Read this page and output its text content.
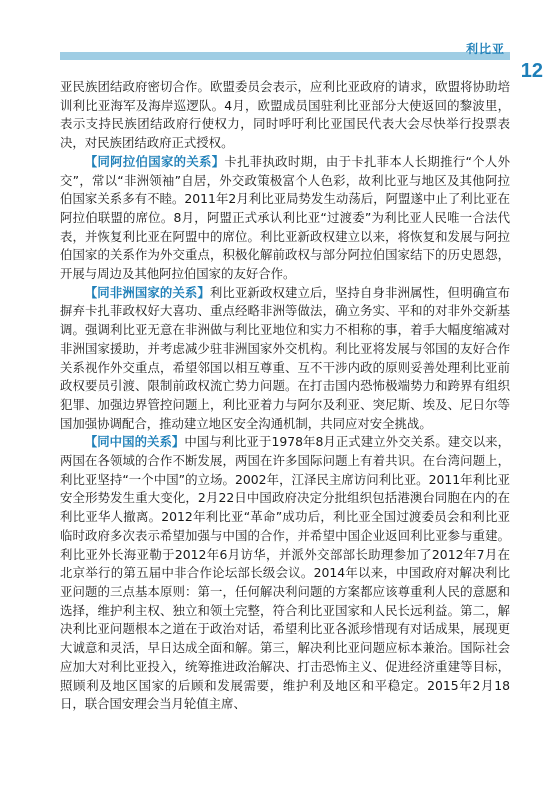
利比亚
12

亚民族团结政府密切合作。欧盟委员会表示，应利比亚政府的请求，欧盟将协助培训利比亚海军及海岸巡逻队。4月，欧盟成员国驻利比亚部分大使返回的黎波里，表示支持民族团结政府行使权力，同时呼吁利比亚国民代表大会尽快举行投票表决，对民族团结政府正式授权。

【同阿拉伯国家的关系】卡扎菲执政时期，由于卡扎菲本人长期推行“个人外交”，常以“非洲领袖”自居，外交政策极富个人色彩，故利比亚与地区及其他阿拉伯国家关系多有不睦。2011年2月利比亚局势发生动荡后，阿盟遂中止了利比亚在阿拉伯联盟的席位。8月，阿盟正式承认利比亚“过渡委”为利比亚人民唯一合法代表，并恢复利比亚在阿盟中的席位。利比亚新政权建立以来，将恢复和发展与阿拉伯国家的关系作为外交重点，积极化解前政权与部分阿拉伯国家结下的历史恩怨，开展与周边及其他阿拉伯国家的友好合作。

【同非洲国家的关系】利比亚新政权建立后，坚持自身非洲属性，但明确宣布摒弃卡扎菲政权好大喜功、重点经略非洲等做法，确立务实、平和的对非外交新基调。强调利比亚无意在非洲做与利比亚地位和实力不相称的事，着手大幅度缩减对非洲国家援助，并考虑减少驻非洲国家外交机构。利比亚将发展与邻国的友好合作关系视作外交重点，希望邻国以相互尊重、互不干涉内政的原则妥善处理利比亚前政权要员引渡、限制前政权流亡势力问题。在打击国内恐怖极端势力和跨界有组织犯罪、加强边界管控问题上，利比亚着力与阿尔及利亚、突尼斯、埃及、尼日尔等国加强协调配合，推动建立地区安全沟通机制，共同应对安全挑战。

【同中国的关系】中国与利比亚于1978年8月正式建立外交关系。建交以来，两国在各领域的合作不断发展，两国在许多国际问题上有着共识。在台湾问题上，利比亚坚持“一个中国”的立场。2002年，江泽民主席访问利比亚。2011年利比亚安全形势发生重大变化，2月22日中国政府决定分批组织包括港澳台同胞在内的在利比亚华人撤离。2012年利比亚“革命”成功后，利比亚全国过渡委员会和利比亚临时政府多次表示希望加强与中国的合作，并希望中国企业返回利比亚参与重建。利比亚外长海亚勒于2012年6月访华，并派外交部部长助理参加了2012年7月在北京举行的第五届中非合作论坛部长级会议。2014年以来，中国政府对解决利比亚问题的三点基本原则：第一，任何解决利问题的方案都应该尊重利人民的意愿和选择，维护利主权、独立和领土完整，符合利比亚国家和人民长远利益。第二，解决利比亚问题根本之道在于政治对话，希望利比亚各派珍惜现有对话成果，展现更大诚意和灵活，早日达成全面和解。第三，解决利比亚问题应标本兼治。国际社会应加大对利比亚投入，统筹推进政治解决、打击恐怖主义、促进经济重建等目标，照顾利及地区国家的后顾和发展需要，维护利及地区和平稳定。2015年2月18日，联合国安理会当月轮值主席、
